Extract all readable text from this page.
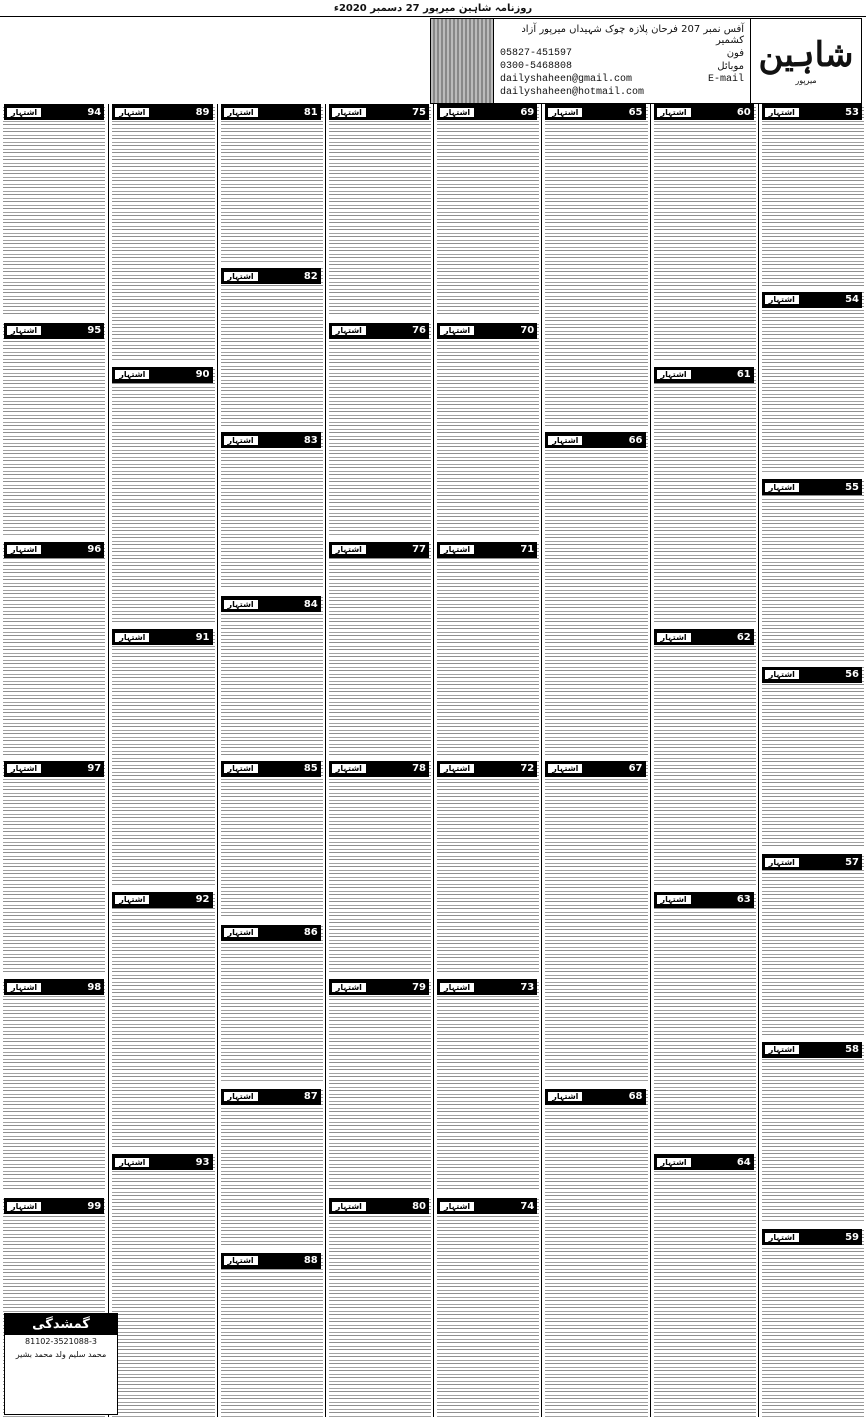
روزنامہ شاہین میرپور 27 دسمبر 2020ء
آفس نمبر 207 فرحان پلازہ چوک شہیداں میرپور آزاد کشمیر
فون
05827-451597
موبائل
0300-5468808
E-mail
dailyshaheen@gmail.com
dailyshaheen@hotmail.com
شاہین
میرپور
گمشدگی
81102-3521088-3
محمد سلیم ولد محمد بشیر
اشتہار	53
اشتہار	54
اشتہار	55
اشتہار	56
اشتہار	57
اشتہار	58
اشتہار	59
اشتہار	60
اشتہار	61
اشتہار	62
اشتہار	63
اشتہار	64
اشتہار	65
اشتہار	66
اشتہار	67
اشتہار	68
اشتہار	69
اشتہار	70
اشتہار	71
اشتہار	72
اشتہار	73
اشتہار	74
اشتہار	75
اشتہار	76
اشتہار	77
اشتہار	78
اشتہار	79
اشتہار	80
اشتہار	81
اشتہار	82
اشتہار	83
اشتہار	84
اشتہار	85
اشتہار	86
اشتہار	87
اشتہار	88
اشتہار	89
اشتہار	90
اشتہار	91
اشتہار	92
اشتہار	93
اشتہار	94
اشتہار	95
اشتہار	96
اشتہار	97
اشتہار	98
اشتہار	99
